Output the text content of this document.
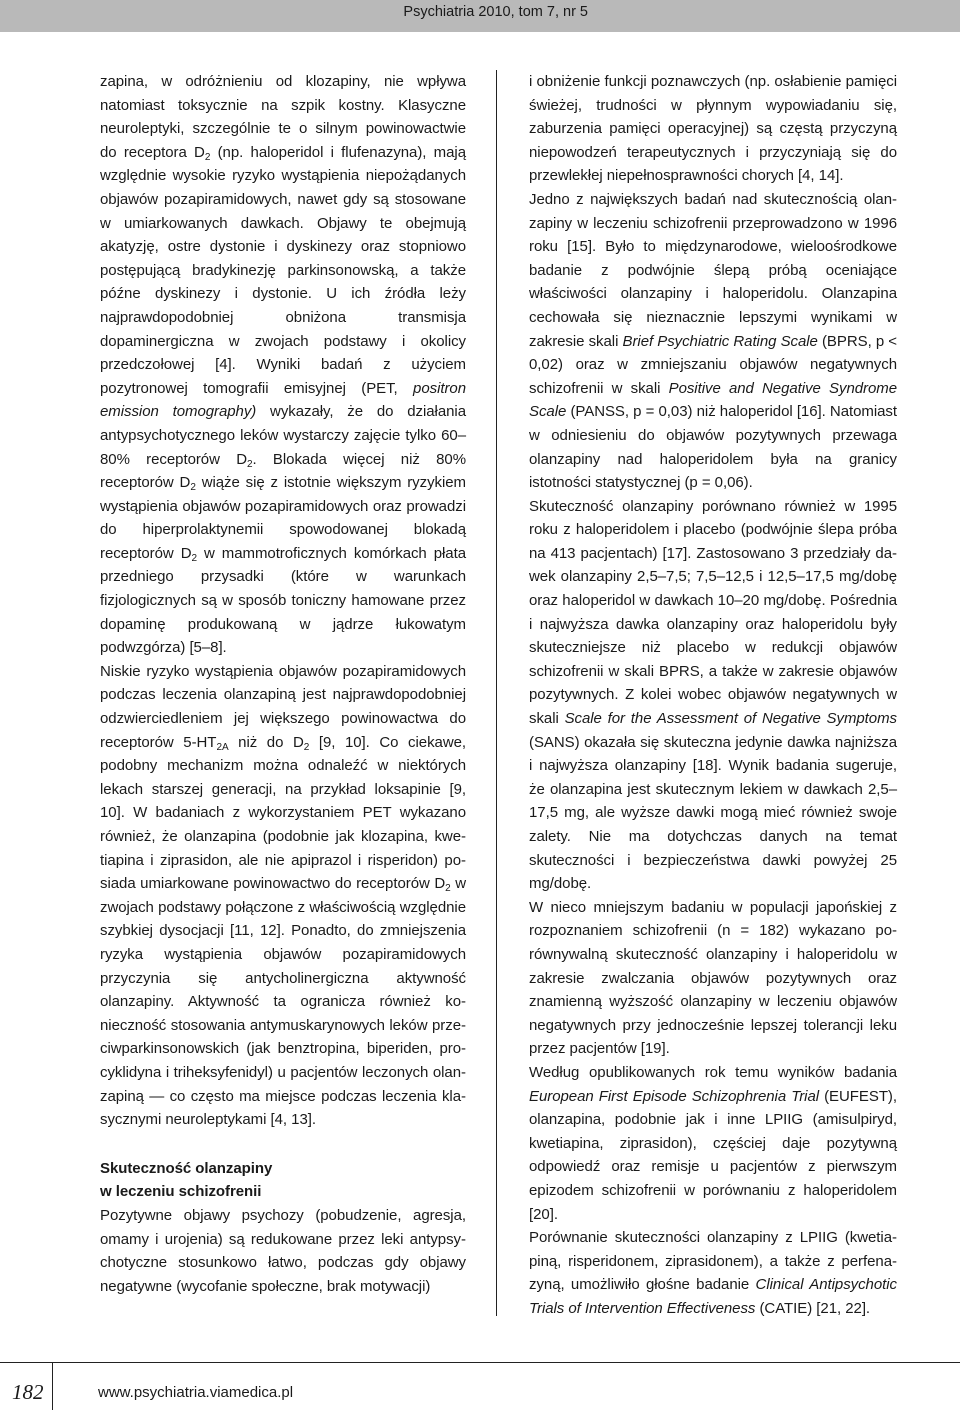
Psychiatria 2010, tom 7, nr 5

zapina, w odróżnieniu od klozapiny, nie wpływa natomiast toksycznie na szpik kostny. Klasyczne neuroleptyki, szczególnie te o silnym powinowactwie do receptora $D_2$ (np. haloperidol i flufenazyna), mają względnie wysokie ryzyko wystąpienia niepożądanych objawów pozapiramidowych, nawet gdy są stosowane w umiarkowanych dawkach. Objawy te obejmują akatyzję, ostre dystonie i dyskinezy oraz stopniowo postępującą bradykinezję parkinsonowską, a także późne dyskinezy i dystonie. U ich źródła leży najprawdopodobniej obniżona transmisja dopaminergiczna w zwojach podstawy i okolicy przedczołowej [4]. Wyniki badań z użyciem pozytronowej tomografii emisyjnej (PET, positron emission tomography) wykazały, że do działania antypsychotycznego leków wystarczy zajęcie tylko 60–80% receptorów $D_2$. Blokada więcej niż 80% receptorów $D_2$ wiąże się z istotnie większym ryzykiem wystąpienia objawów pozapiramidowych oraz prowadzi do hiperprolaktynemii spowodowanej blokadą receptorów $D_2$ w mammotroficznych komórkach płata przedniego przysadki (które w warunkach fizjologicznych są w sposób toniczny hamowane przez dopaminę produkowaną w jądrze łukowatym podwzgórza) [5–8].

Niskie ryzyko wystąpienia objawów pozapiramidowych podczas leczenia olanzapiną jest najprawdopodobniej odzwierciedleniem jej większego powinowactwa do receptorów $5-HT_{2A}$ niż do $D_2$ [9, 10]. Co ciekawe, podobny mechanizm można odnaleźć w niektórych lekach starszej generacji, na przykład loksapinie [9, 10]. W badaniach z wykorzystaniem PET wykazano również, że olanzapina (podobnie jak klozapina, kwetiapina i ziprasidon, ale nie apiprazol i risperidon) posiada umiarkowane powinowactwo do receptorów $D_2$ w zwojach podstawy połączone z właściwością względnie szybkiej dysocjacji [11, 12]. Ponadto, do zmniejszenia ryzyka wystąpienia objawów pozapiramidowych przyczynia się antycholinergiczna aktywność olanzapiny. Aktywność ta ogranicza również konieczność stosowania antymuskarynowych leków przeciwparkinsonowskich (jak benztropina, biperiden, procyklidyna i triheksyfenidyl) u pacjentów leczonych olanzapiną — co często ma miejsce podczas leczenia klasycznymi neuroleptykami [4, 13].

Skuteczność olanzapiny
w leczeniu schizofrenii

Pozytywne objawy psychozy (pobudzenie, agresja, omamy i urojenia) są redukowane przez leki antypsychotyczne stosunkowo łatwo, podczas gdy objawy negatywne (wycofanie społeczne, brak motywacji)

i obniżenie funkcji poznawczych (np. osłabienie pamięci świeżej, trudności w płynnym wypowiadaniu się, zaburzenia pamięci operacyjnej) są częstą przyczyną niepowodzeń terapeutycznych i przyczyniają się do przewlekłej niepełnosprawności chorych [4, 14].

Jedno z największych badań nad skutecznością olanzapiny w leczeniu schizofrenii przeprowadzono w 1996 roku [15]. Było to międzynarodowe, wieloośrodkowe badanie z podwójnie ślepą próbą oceniające właściwości olanzapiny i haloperidolu. Olanzapina cechowała się nieznacznie lepszymi wynikami w zakresie skali Brief Psychiatric Rating Scale (BPRS, p < 0,02) oraz w zmniejszaniu objawów negatywnych schizofrenii w skali Positive and Negative Syndrome Scale (PANSS, p = 0,03) niż haloperidol [16]. Natomiast w odniesieniu do objawów pozytywnych przewaga olanzapiny nad haloperidolem była na granicy istotności statystycznej (p = 0,06).

Skuteczność olanzapiny porównano również w 1995 roku z haloperidolem i placebo (podwójnie ślepa próba na 413 pacjentach) [17]. Zastosowano 3 przedziały dawek olanzapiny 2,5–7,5; 7,5–12,5 i 12,5–17,5 mg/dobę oraz haloperidol w dawkach 10–20 mg/dobę. Pośrednia i najwyższa dawka olanzapiny oraz haloperidolu były skuteczniejsze niż placebo w redukcji objawów schizofrenii w skali BPRS, a także w zakresie objawów pozytywnych. Z kolei wobec objawów negatywnych w skali Scale for the Assessment of Negative Symptoms (SANS) okazała się skuteczna jedynie dawka najniższa i najwyższa olanzapiny [18]. Wynik badania sugeruje, że olanzapina jest skutecznym lekiem w dawkach 2,5–17,5 mg, ale wyższe dawki mogą mieć również swoje zalety. Nie ma dotychczas danych na temat skuteczności i bezpieczeństwa dawki powyżej 25 mg/dobę.

W nieco mniejszym badaniu w populacji japońskiej z rozpoznaniem schizofrenii (n = 182) wykazano porównywalną skuteczność olanzapiny i haloperidolu w zakresie zwalczania objawów pozytywnych oraz znamienną wyższość olanzapiny w leczeniu objawów negatywnych przy jednocześnie lepszej tolerancji leku przez pacjentów [19].

Według opublikowanych rok temu wyników badania European First Episode Schizophrenia Trial (EUFEST), olanzapina, podobnie jak i inne LPIIG (amisulpiryd, kwetiapina, ziprasidon), częściej daje pozytywną odpowiedź oraz remisje u pacjentów z pierwszym epizodem schizofrenii w porównaniu z haloperidolem [20].

Porównanie skuteczności olanzapiny z LPIIG (kwetiapiną, risperidonem, ziprasidonem), a także z perfenazyną, umożliwiło głośne badanie Clinical Antipsychotic Trials of Intervention Effectiveness (CATIE) [21, 22].

182	www.psychiatria.viamedica.pl
